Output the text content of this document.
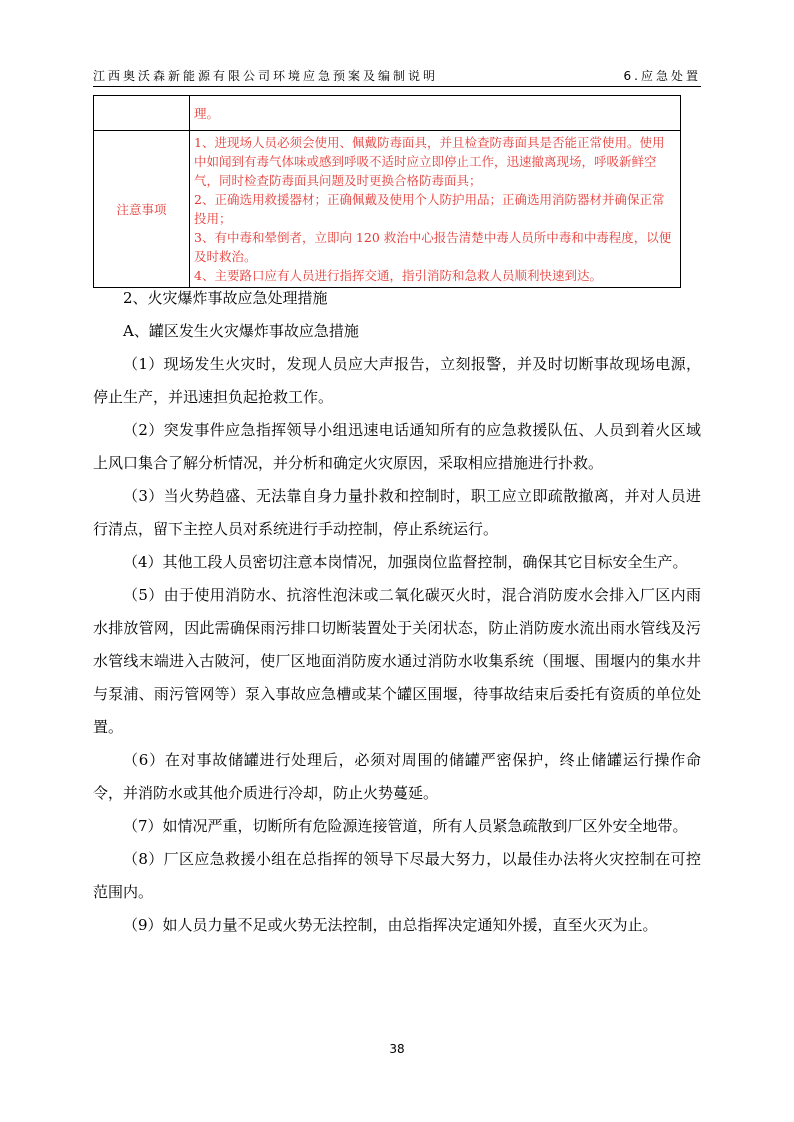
江西奥沃森新能源有限公司环境应急预案及编制说明	6.应急处置
	理。
注意事项	1、进现场人员必须会使用、佩戴防毒面具，并且检查防毒面具是否能正常使用。使用中如闻到有毒气体味或感到呼吸不适时应立即停止工作，迅速撤离现场，呼吸新鲜空气，同时检查防毒面具问题及时更换合格防毒面具；

2、正确选用救援器材；正确佩戴及使用个人防护用品；正确选用消防器材并确保正常投用；

3、有中毒和晕倒者，立即向 120 救治中心报告清楚中毒人员所中毒和中毒程度，以便及时救治。

4、主要路口应有人员进行指挥交通，指引消防和急救人员顺利快速到达。

2、火灾爆炸事故应急处理措施

A、罐区发生火灾爆炸事故应急措施

（1）现场发生火灾时，发现人员应大声报告，立刻报警，并及时切断事故现场电源，停止生产，并迅速担负起抢救工作。

（2）突发事件应急指挥领导小组迅速电话通知所有的应急救援队伍、人员到着火区域上风口集合了解分析情况，并分析和确定火灾原因，采取相应措施进行扑救。

（3）当火势趋盛、无法靠自身力量扑救和控制时，职工应立即疏散撤离，并对人员进行清点，留下主控人员对系统进行手动控制，停止系统运行。

（4）其他工段人员密切注意本岗情况，加强岗位监督控制，确保其它目标安全生产。

（5）由于使用消防水、抗溶性泡沫或二氧化碳灭火时，混合消防废水会排入厂区内雨水排放管网，因此需确保雨污排口切断装置处于关闭状态，防止消防废水流出雨水管线及污水管线末端进入古陂河，使厂区地面消防废水通过消防水收集系统（围堰、围堰内的集水井与泵浦、雨污管网等）泵入事故应急槽或某个罐区围堰，待事故结束后委托有资质的单位处置。

（6）在对事故储罐进行处理后，必须对周围的储罐严密保护，终止储罐运行操作命令，并消防水或其他介质进行冷却，防止火势蔓延。

（7）如情况严重，切断所有危险源连接管道，所有人员紧急疏散到厂区外安全地带。

（8）厂区应急救援小组在总指挥的领导下尽最大努力，以最佳办法将火灾控制在可控范围内。

（9）如人员力量不足或火势无法控制，由总指挥决定通知外援，直至火灭为止。

38
